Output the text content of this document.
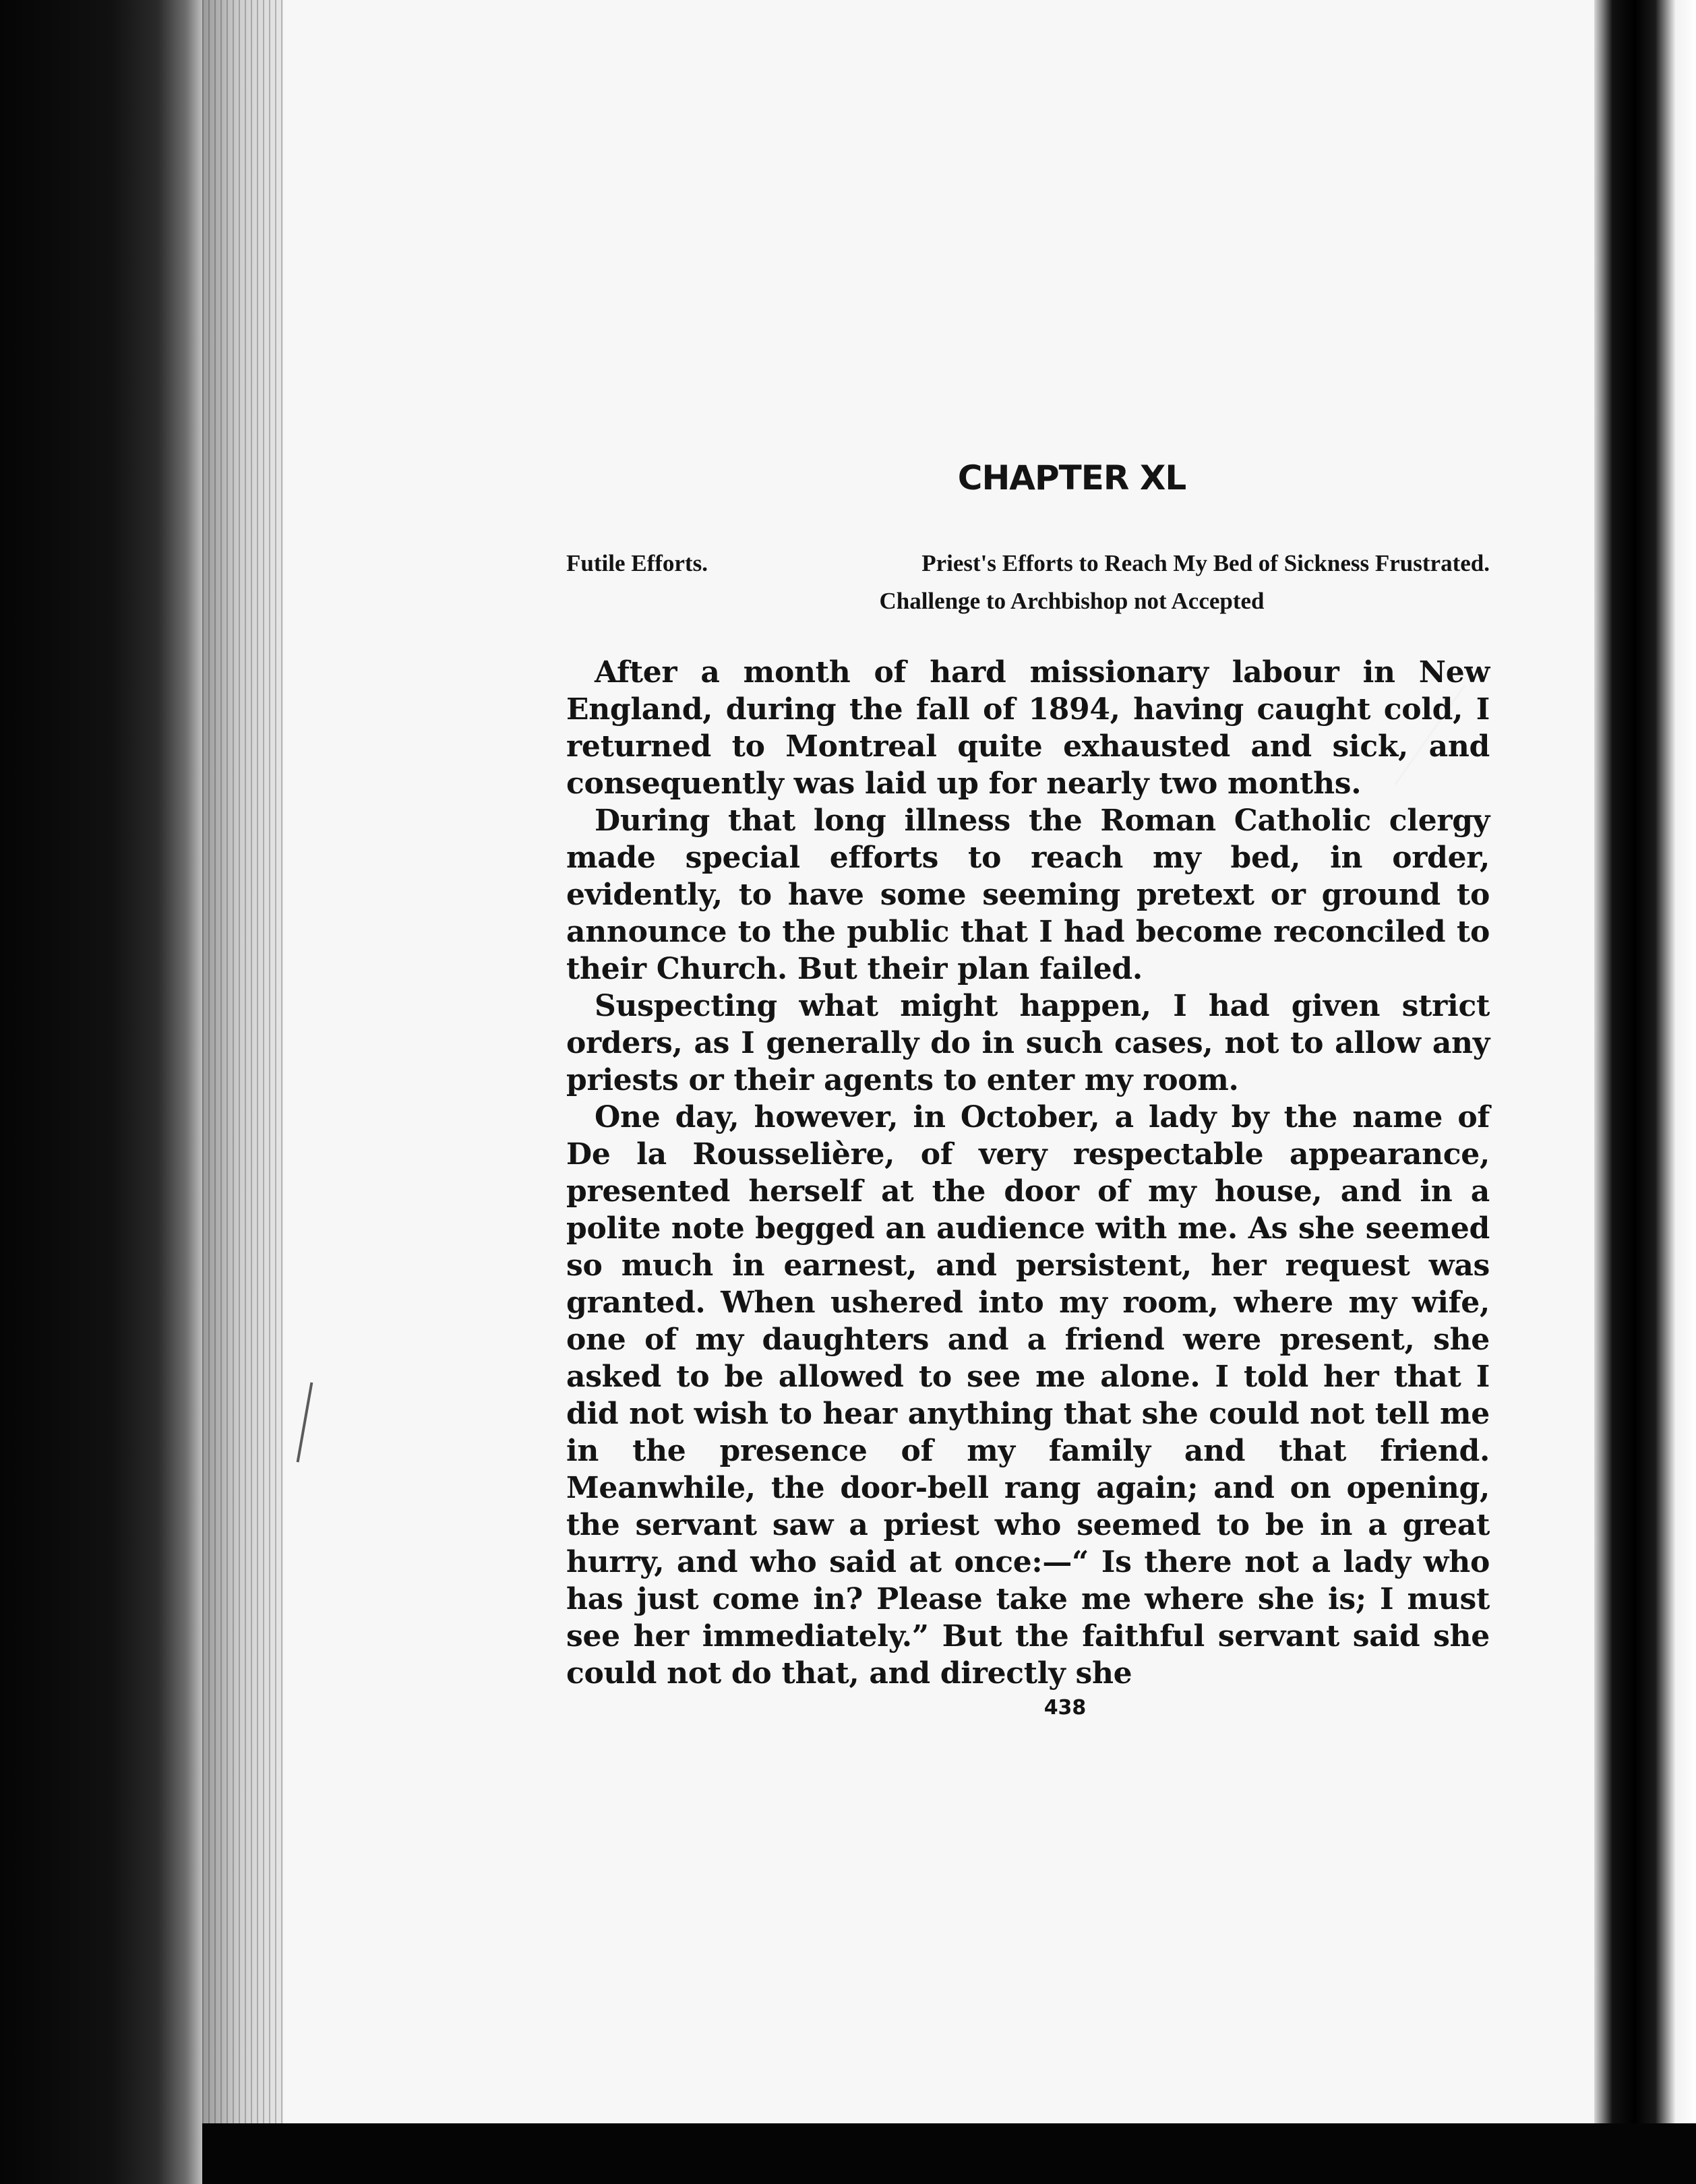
CHAPTER XL
Futile Efforts.	Priest's Efforts to Reach My Bed of Sickness Frustrated.
Challenge to Archbishop not Accepted

After a month of hard missionary labour in New England, during the fall of 1894, having caught cold, I returned to Montreal quite exhausted and sick, and consequently was laid up for nearly two months.

During that long illness the Roman Catholic clergy made special efforts to reach my bed, in order, evidently, to have some seeming pretext or ground to announce to the public that I had become reconciled to their Church. But their plan failed.

Suspecting what might happen, I had given strict orders, as I generally do in such cases, not to allow any priests or their agents to enter my room.

One day, however, in October, a lady by the name of De la Rousselière, of very respectable appearance, presented herself at the door of my house, and in a polite note begged an audience with me. As she seemed so much in earnest, and persistent, her request was granted. When ushered into my room, where my wife, one of my daughters and a friend were present, she asked to be allowed to see me alone. I told her that I did not wish to hear anything that she could not tell me in the presence of my family and that friend. Meanwhile, the door-bell rang again; and on opening, the servant saw a priest who seemed to be in a great hurry, and who said at once:—“ Is there not a lady who has just come in? Please take me where she is; I must see her immediately.” But the faithful servant said she could not do that, and directly she

438
